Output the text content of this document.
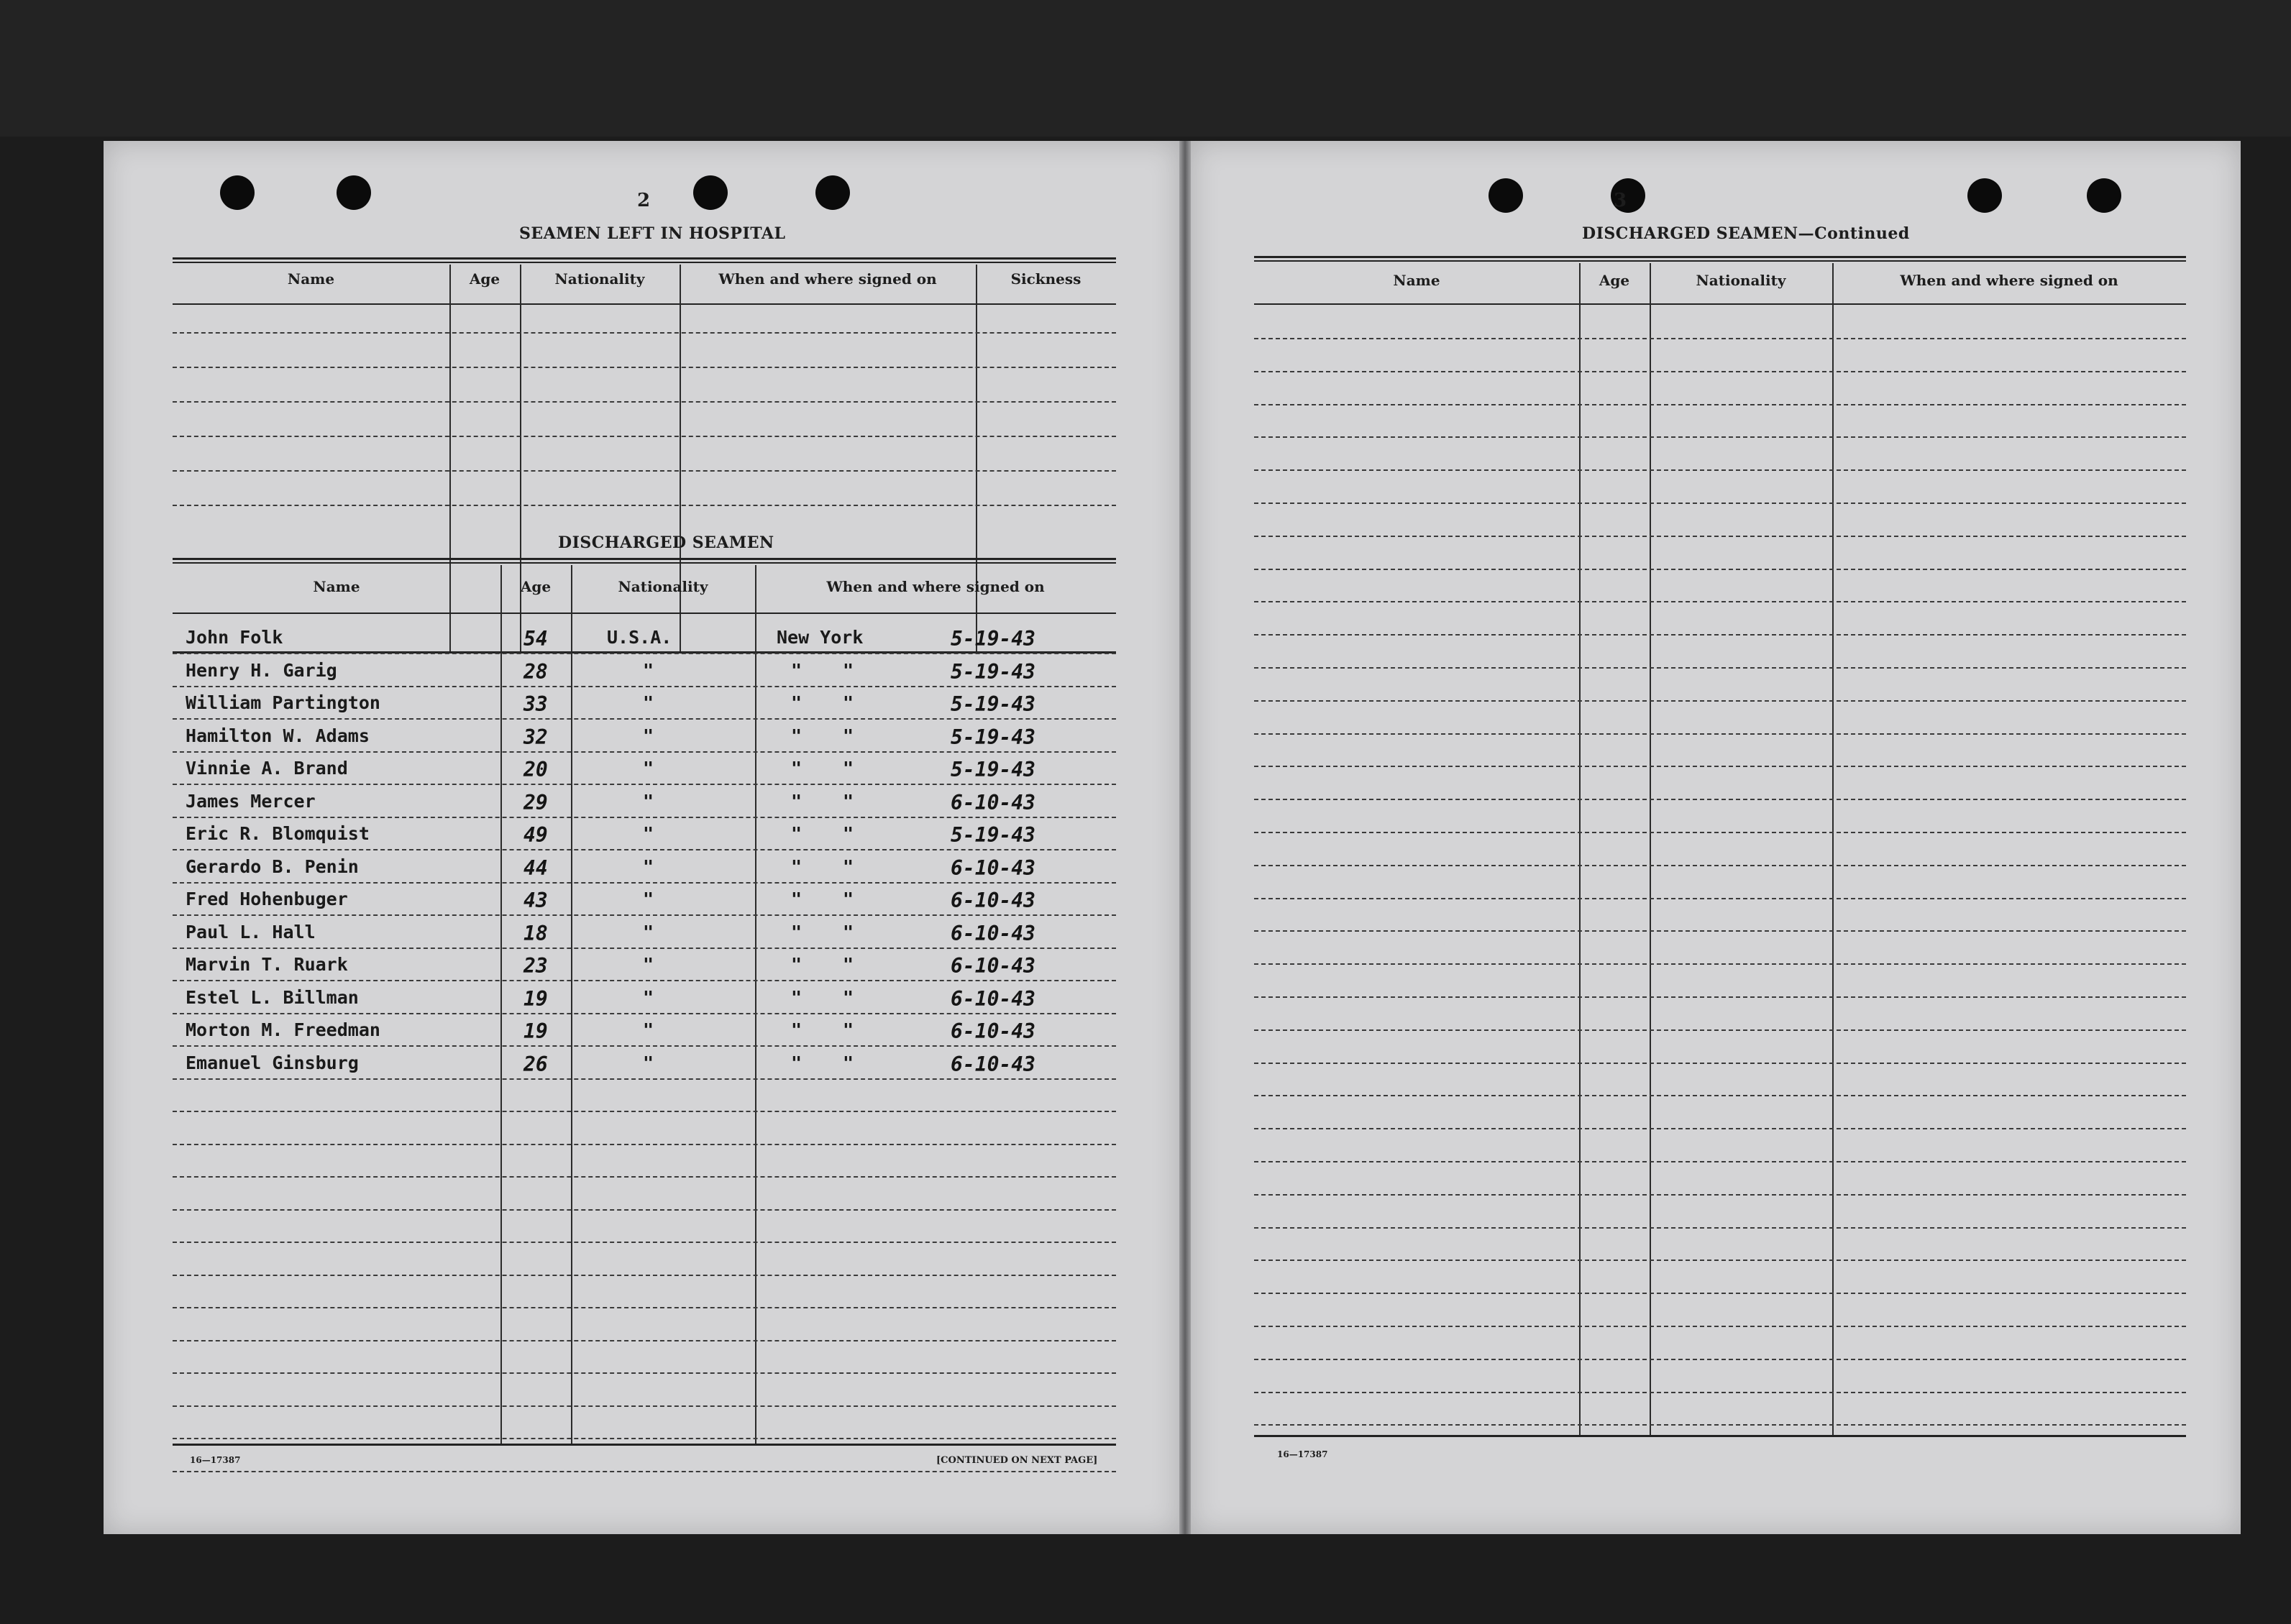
2
SEAMEN LEFT IN HOSPITAL
Name	Age	Nationality	When and where signed on	Sickness
DISCHARGED SEAMEN
Name	Age	Nationality	When and where signed on
John Folk	54	U.S.A.	New York	5-19-43
Henry H. Garig	28	"	" "	5-19-43
William Partington	33	"	" "	5-19-43
Hamilton W. Adams	32	"	" "	5-19-43
Vinnie A. Brand	20	"	" "	5-19-43
James Mercer	29	"	" "	6-10-43
Eric R. Blomquist	49	"	" "	5-19-43
Gerardo B. Penin	44	"	" "	6-10-43
Fred Hohenbuger	43	"	" "	6-10-43
Paul L. Hall	18	"	" "	6-10-43
Marvin T. Ruark	23	"	" "	6-10-43
Estel L. Billman	19	"	" "	6-10-43
Morton M. Freedman	19	"	" "	6-10-43
Emanuel Ginsburg	26	"	" "	6-10-43
16—17387	[CONTINUED ON NEXT PAGE]
3
DISCHARGED SEAMEN—Continued
Name	Age	Nationality	When and where signed on
16—17387
